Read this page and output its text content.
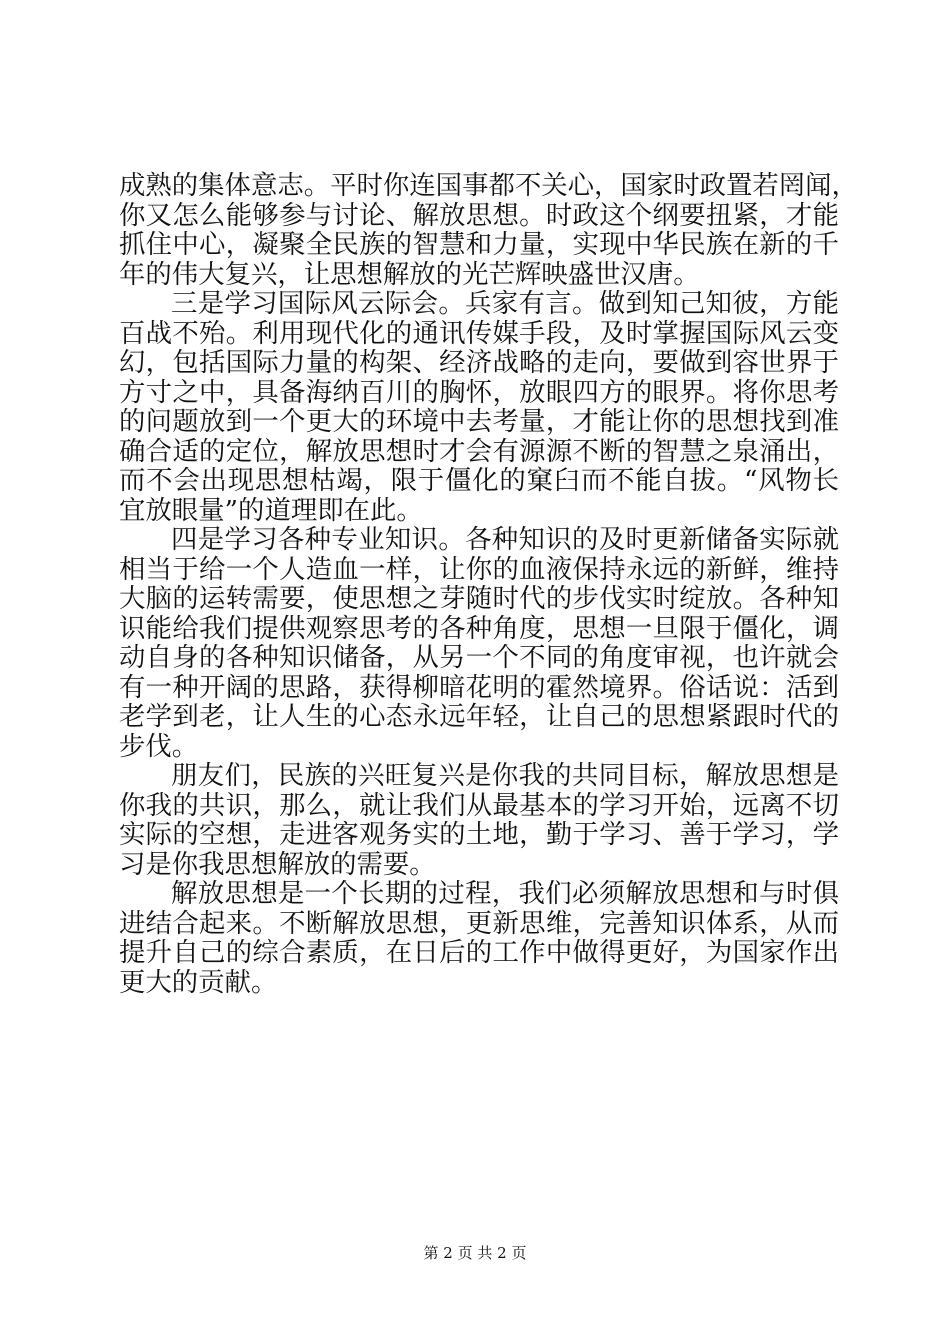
成熟的集体意志。平时你连国事都不关心，国家时政置若罔闻，
你又怎么能够参与讨论、解放思想。时政这个纲要扭紧，才能
抓住中心，凝聚全民族的智慧和力量，实现中华民族在新的千
年的伟大复兴，让思想解放的光芒辉映盛世汉唐。
三是学习国际风云际会。兵家有言。做到知己知彼，方能
百战不殆。利用现代化的通讯传媒手段，及时掌握国际风云变
幻，包括国际力量的构架、经济战略的走向，要做到容世界于
方寸之中，具备海纳百川的胸怀，放眼四方的眼界。将你思考
的问题放到一个更大的环境中去考量，才能让你的思想找到准
确合适的定位，解放思想时才会有源源不断的智慧之泉涌出，
而不会出现思想枯竭，限于僵化的窠臼而不能自拔。“风物长
宜放眼量”的道理即在此。
四是学习各种专业知识。各种知识的及时更新储备实际就
相当于给一个人造血一样，让你的血液保持永远的新鲜，维持
大脑的运转需要，使思想之芽随时代的步伐实时绽放。各种知
识能给我们提供观察思考的各种角度，思想一旦限于僵化，调
动自身的各种知识储备，从另一个不同的角度审视，也许就会
有一种开阔的思路，获得柳暗花明的霍然境界。俗话说：活到
老学到老，让人生的心态永远年轻，让自己的思想紧跟时代的
步伐。
朋友们，民族的兴旺复兴是你我的共同目标，解放思想是
你我的共识，那么，就让我们从最基本的学习开始，远离不切
实际的空想，走进客观务实的土地，勤于学习、善于学习，学
习是你我思想解放的需要。
解放思想是一个长期的过程，我们必须解放思想和与时俱
进结合起来。不断解放思想，更新思维，完善知识体系，从而
提升自己的综合素质，在日后的工作中做得更好，为国家作出
更大的贡献。
第 2 页 共 2 页
